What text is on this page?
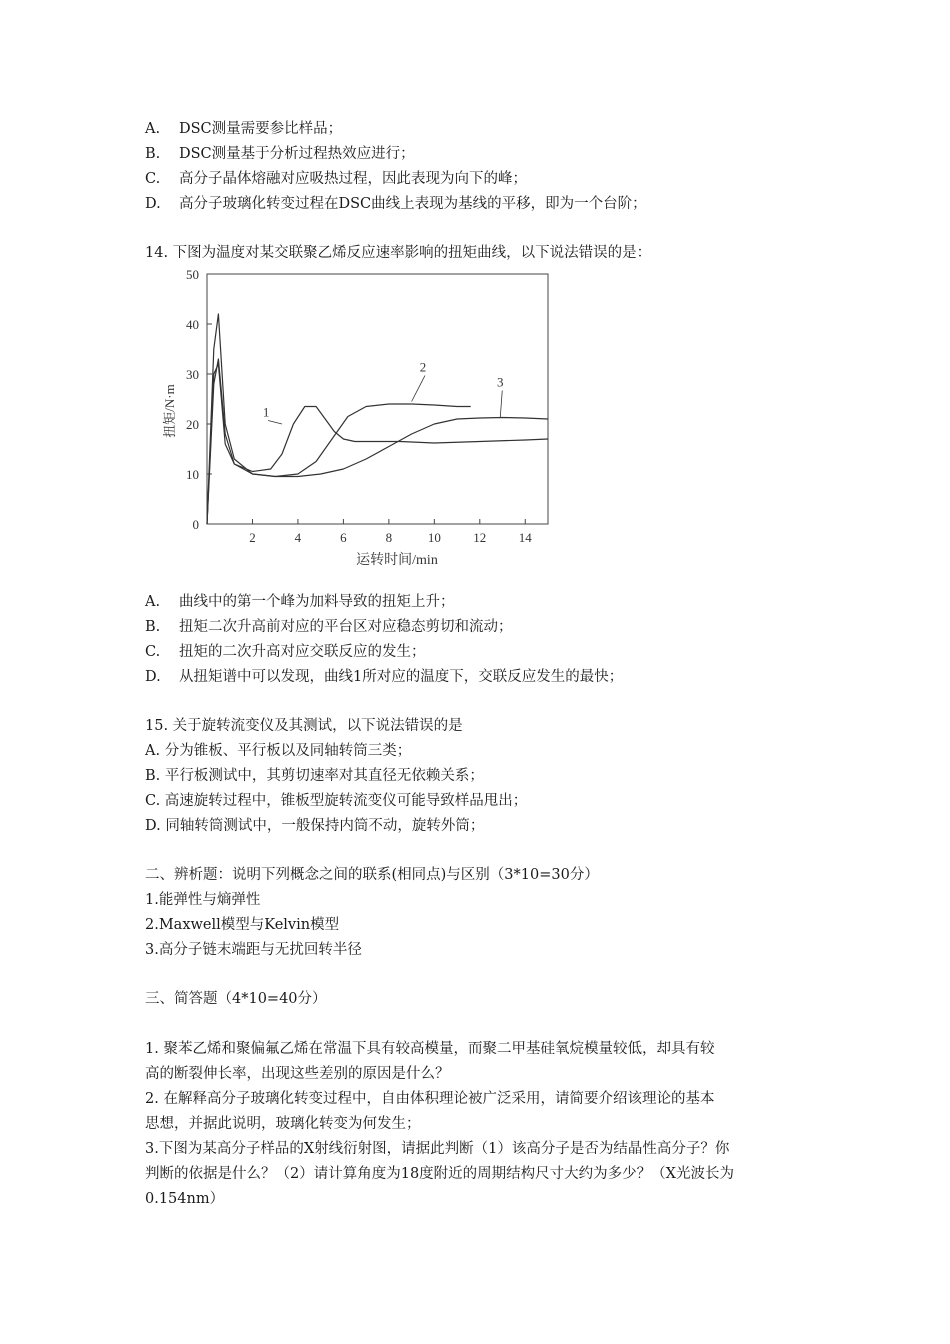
A. DSC测量需要参比样品；
B. DSC测量基于分析过程热效应进行；
C. 高分子晶体熔融对应吸热过程，因此表现为向下的峰；
D. 高分子玻璃化转变过程在DSC曲线上表现为基线的平移，即为一个台阶；
14. 下图为温度对某交联聚乙烯反应速率影响的扭矩曲线，以下说法错误的是：
0
10
20
30
40
50
2	4	6	8	10 12 14
1
2
3
运转时间/min
扭矩/N·m
A. 曲线中的第一个峰为加料导致的扭矩上升；
B. 扭矩二次升高前对应的平台区对应稳态剪切和流动；
C. 扭矩的二次升高对应交联反应的发生；
D. 从扭矩谱中可以发现，曲线1所对应的温度下，交联反应发生的最快；
15. 关于旋转流变仪及其测试，以下说法错误的是
A. 分为锥板、平行板以及同轴转筒三类；
B. 平行板测试中，其剪切速率对其直径无依赖关系；
C. 高速旋转过程中，锥板型旋转流变仪可能导致样品甩出；
D. 同轴转筒测试中，一般保持内筒不动，旋转外筒；
二、辨析题：说明下列概念之间的联系(相同点)与区别（3*10=30分）
1.能弹性与熵弹性
2.Maxwell模型与Kelvin模型
3.高分子链末端距与无扰回转半径
三、简答题（4*10=40分）
1. 聚苯乙烯和聚偏氟乙烯在常温下具有较高模量，而聚二甲基硅氧烷模量较低，却具有较
高的断裂伸长率，出现这些差别的原因是什么？
2. 在解释高分子玻璃化转变过程中，自由体积理论被广泛采用，请简要介绍该理论的基本
思想，并据此说明，玻璃化转变为何发生；
3.下图为某高分子样品的X射线衍射图，请据此判断（1）该高分子是否为结晶性高分子？你
判断的依据是什么？（2）请计算角度为18度附近的周期结构尺寸大约为多少？（X光波长为
0.154nm）
